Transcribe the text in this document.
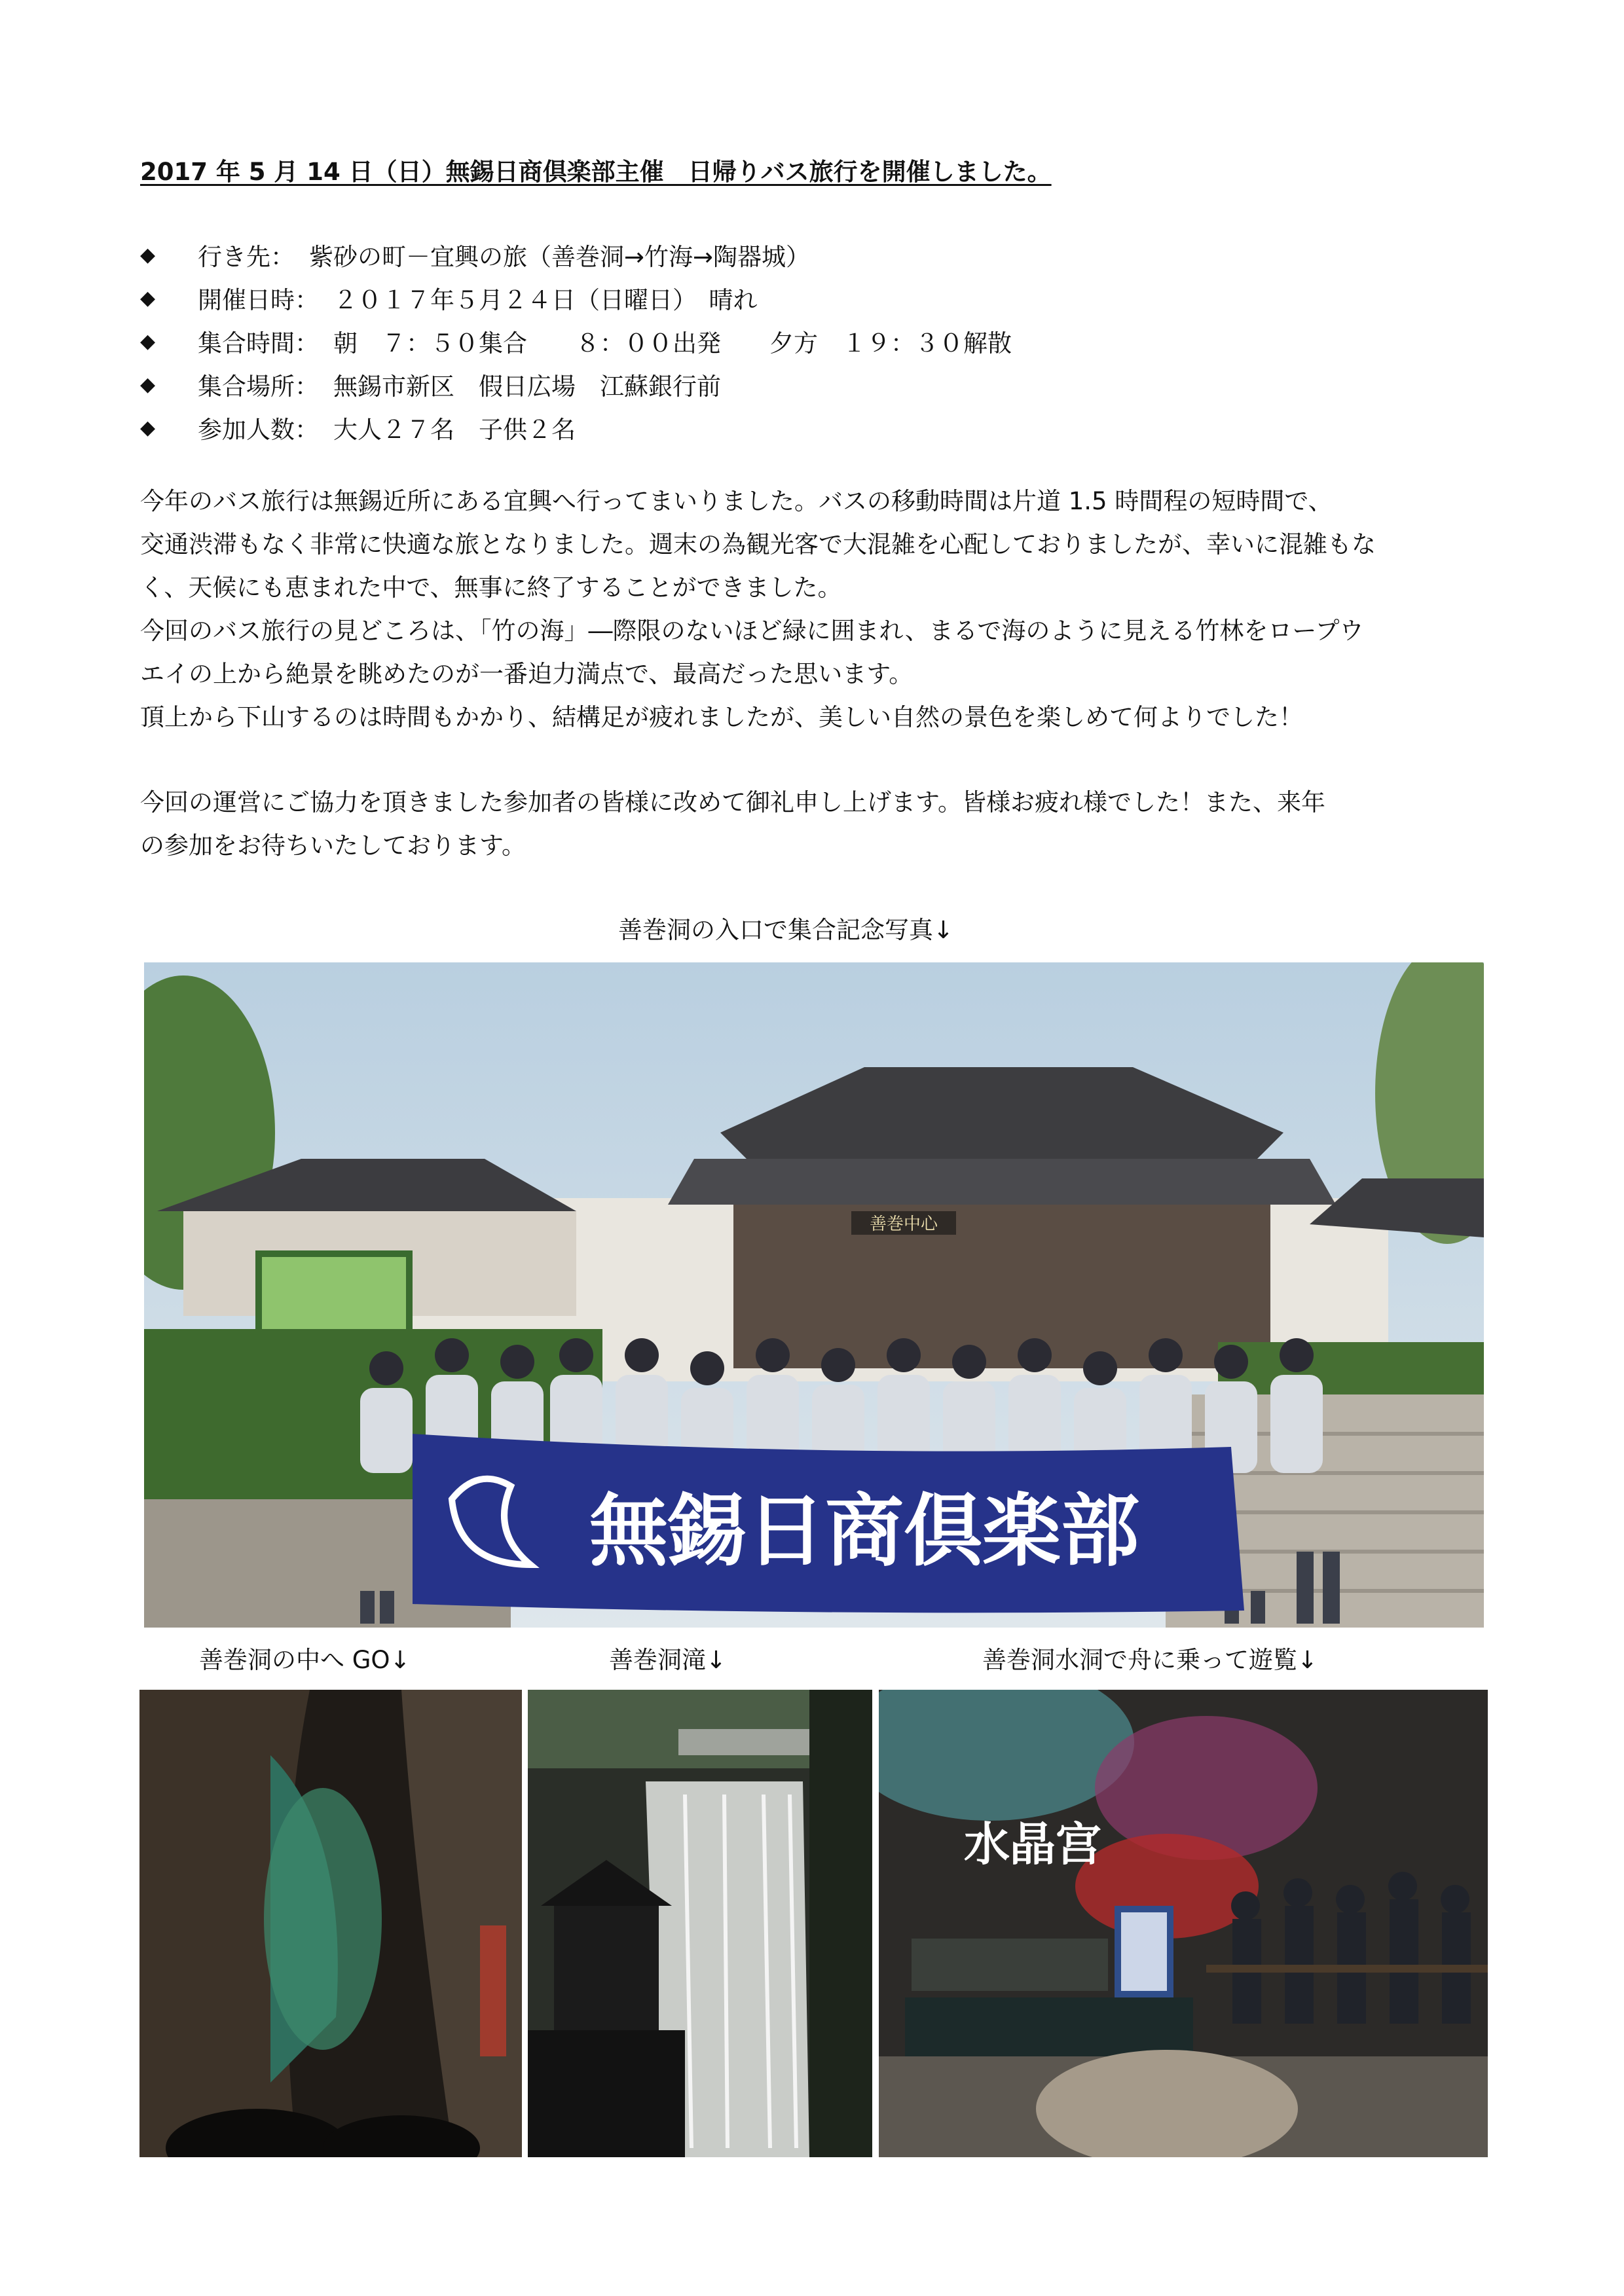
2017 年 5 月 14 日（日）無錫日商倶楽部主催　日帰りバス旅行を開催しました。
◆	行き先： 紫砂の町－宜興の旅（善巻洞→竹海→陶器城）
◆	開催日時： ２０１７年５月２４日（日曜日）　晴れ
◆	集合時間： 朝　７：５０集合　　８：００出発　　夕方　１９：３０解散
◆	集合場所： 無錫市新区　假日広場　江蘇銀行前
◆	参加人数： 大人２７名　子供２名
今年のバス旅行は無錫近所にある宜興へ行ってまいりました。バスの移動時間は片道 1.5 時間程の短時間で、
交通渋滞もなく非常に快適な旅となりました。週末の為観光客で大混雑を心配しておりましたが、幸いに混雑もな
く、天候にも恵まれた中で、無事に終了することができました。
今回のバス旅行の見どころは、「竹の海」―際限のないほど緑に囲まれ、まるで海のように見える竹林をロープウ
エイの上から絶景を眺めたのが一番迫力満点で、最高だった思います。
頂上から下山するのは時間もかかり、結構足が疲れましたが、美しい自然の景色を楽しめて何よりでした！
今回の運営にご協力を頂きました参加者の皆様に改めて御礼申し上げます。皆様お疲れ様でした！また、来年
の参加をお待ちいたしております。
善巻洞の入口で集合記念写真↓
善巻中心
無錫日商倶楽部
善巻洞の中へ GO↓	善巻洞滝↓	善巻洞水洞で舟に乗って遊覧↓
水晶宫
